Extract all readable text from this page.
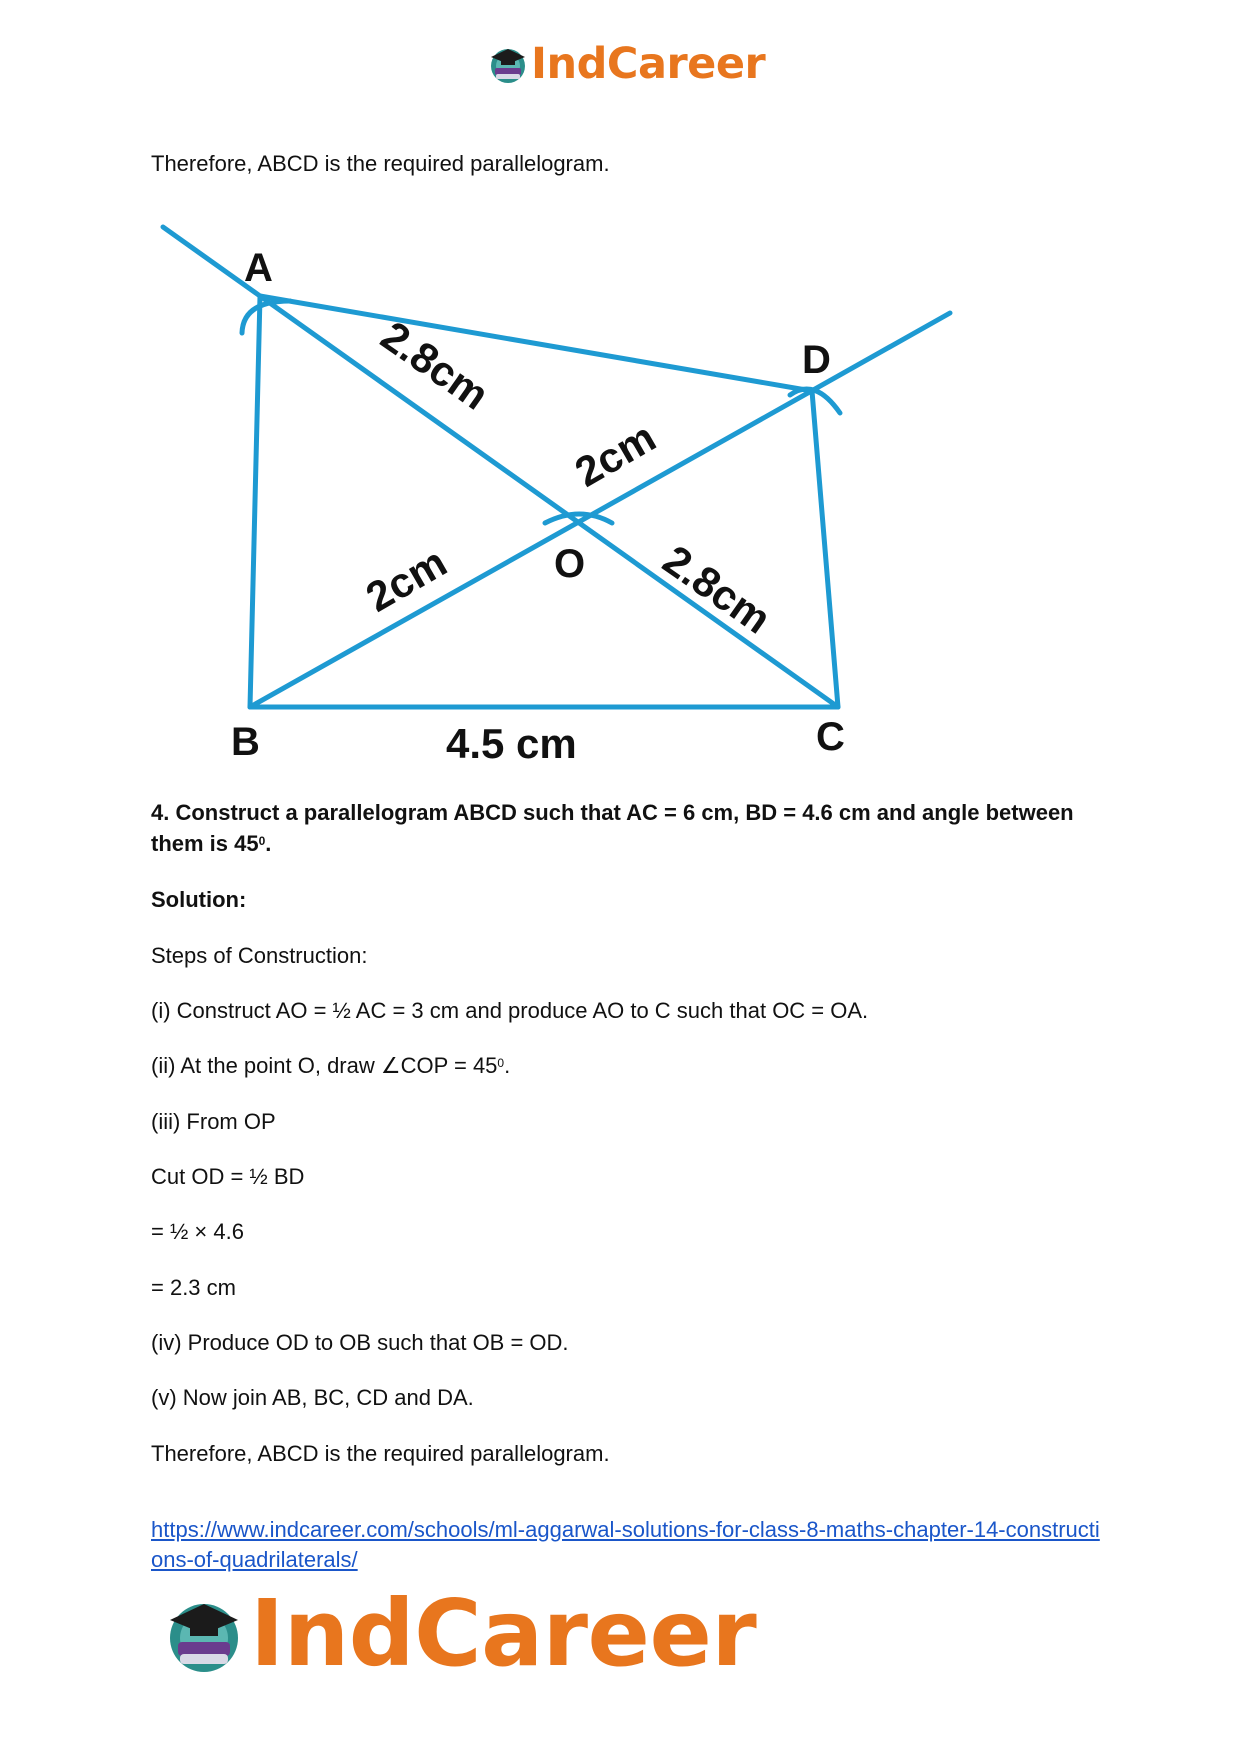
IndCareer
Therefore, ABCD is the required parallelogram.
A
D
O
B	C
2.8cm
2cm
2cm	2.8cm
4.5 cm
4. Construct a parallelogram ABCD such that AC = 6 cm, BD = 4.6 cm and angle between them is $45^0$.
Solution:
Steps of Construction:
(i) Construct AO = ½ AC = 3 cm and produce AO to C such that OC = OA.
(ii) At the point O, draw ∠COP = $45^0$.
(iii) From OP
Cut OD = ½ BD
= ½ × 4.6
= 2.3 cm
(iv) Produce OD to OB such that OB = OD.
(v) Now join AB, BC, CD and DA.
Therefore, ABCD is the required parallelogram.
https://www.indcareer.com/schools/ml-aggarwal-solutions-for-class-8-maths-chapter-14-constructions-of-quadrilaterals/
IndCareer
